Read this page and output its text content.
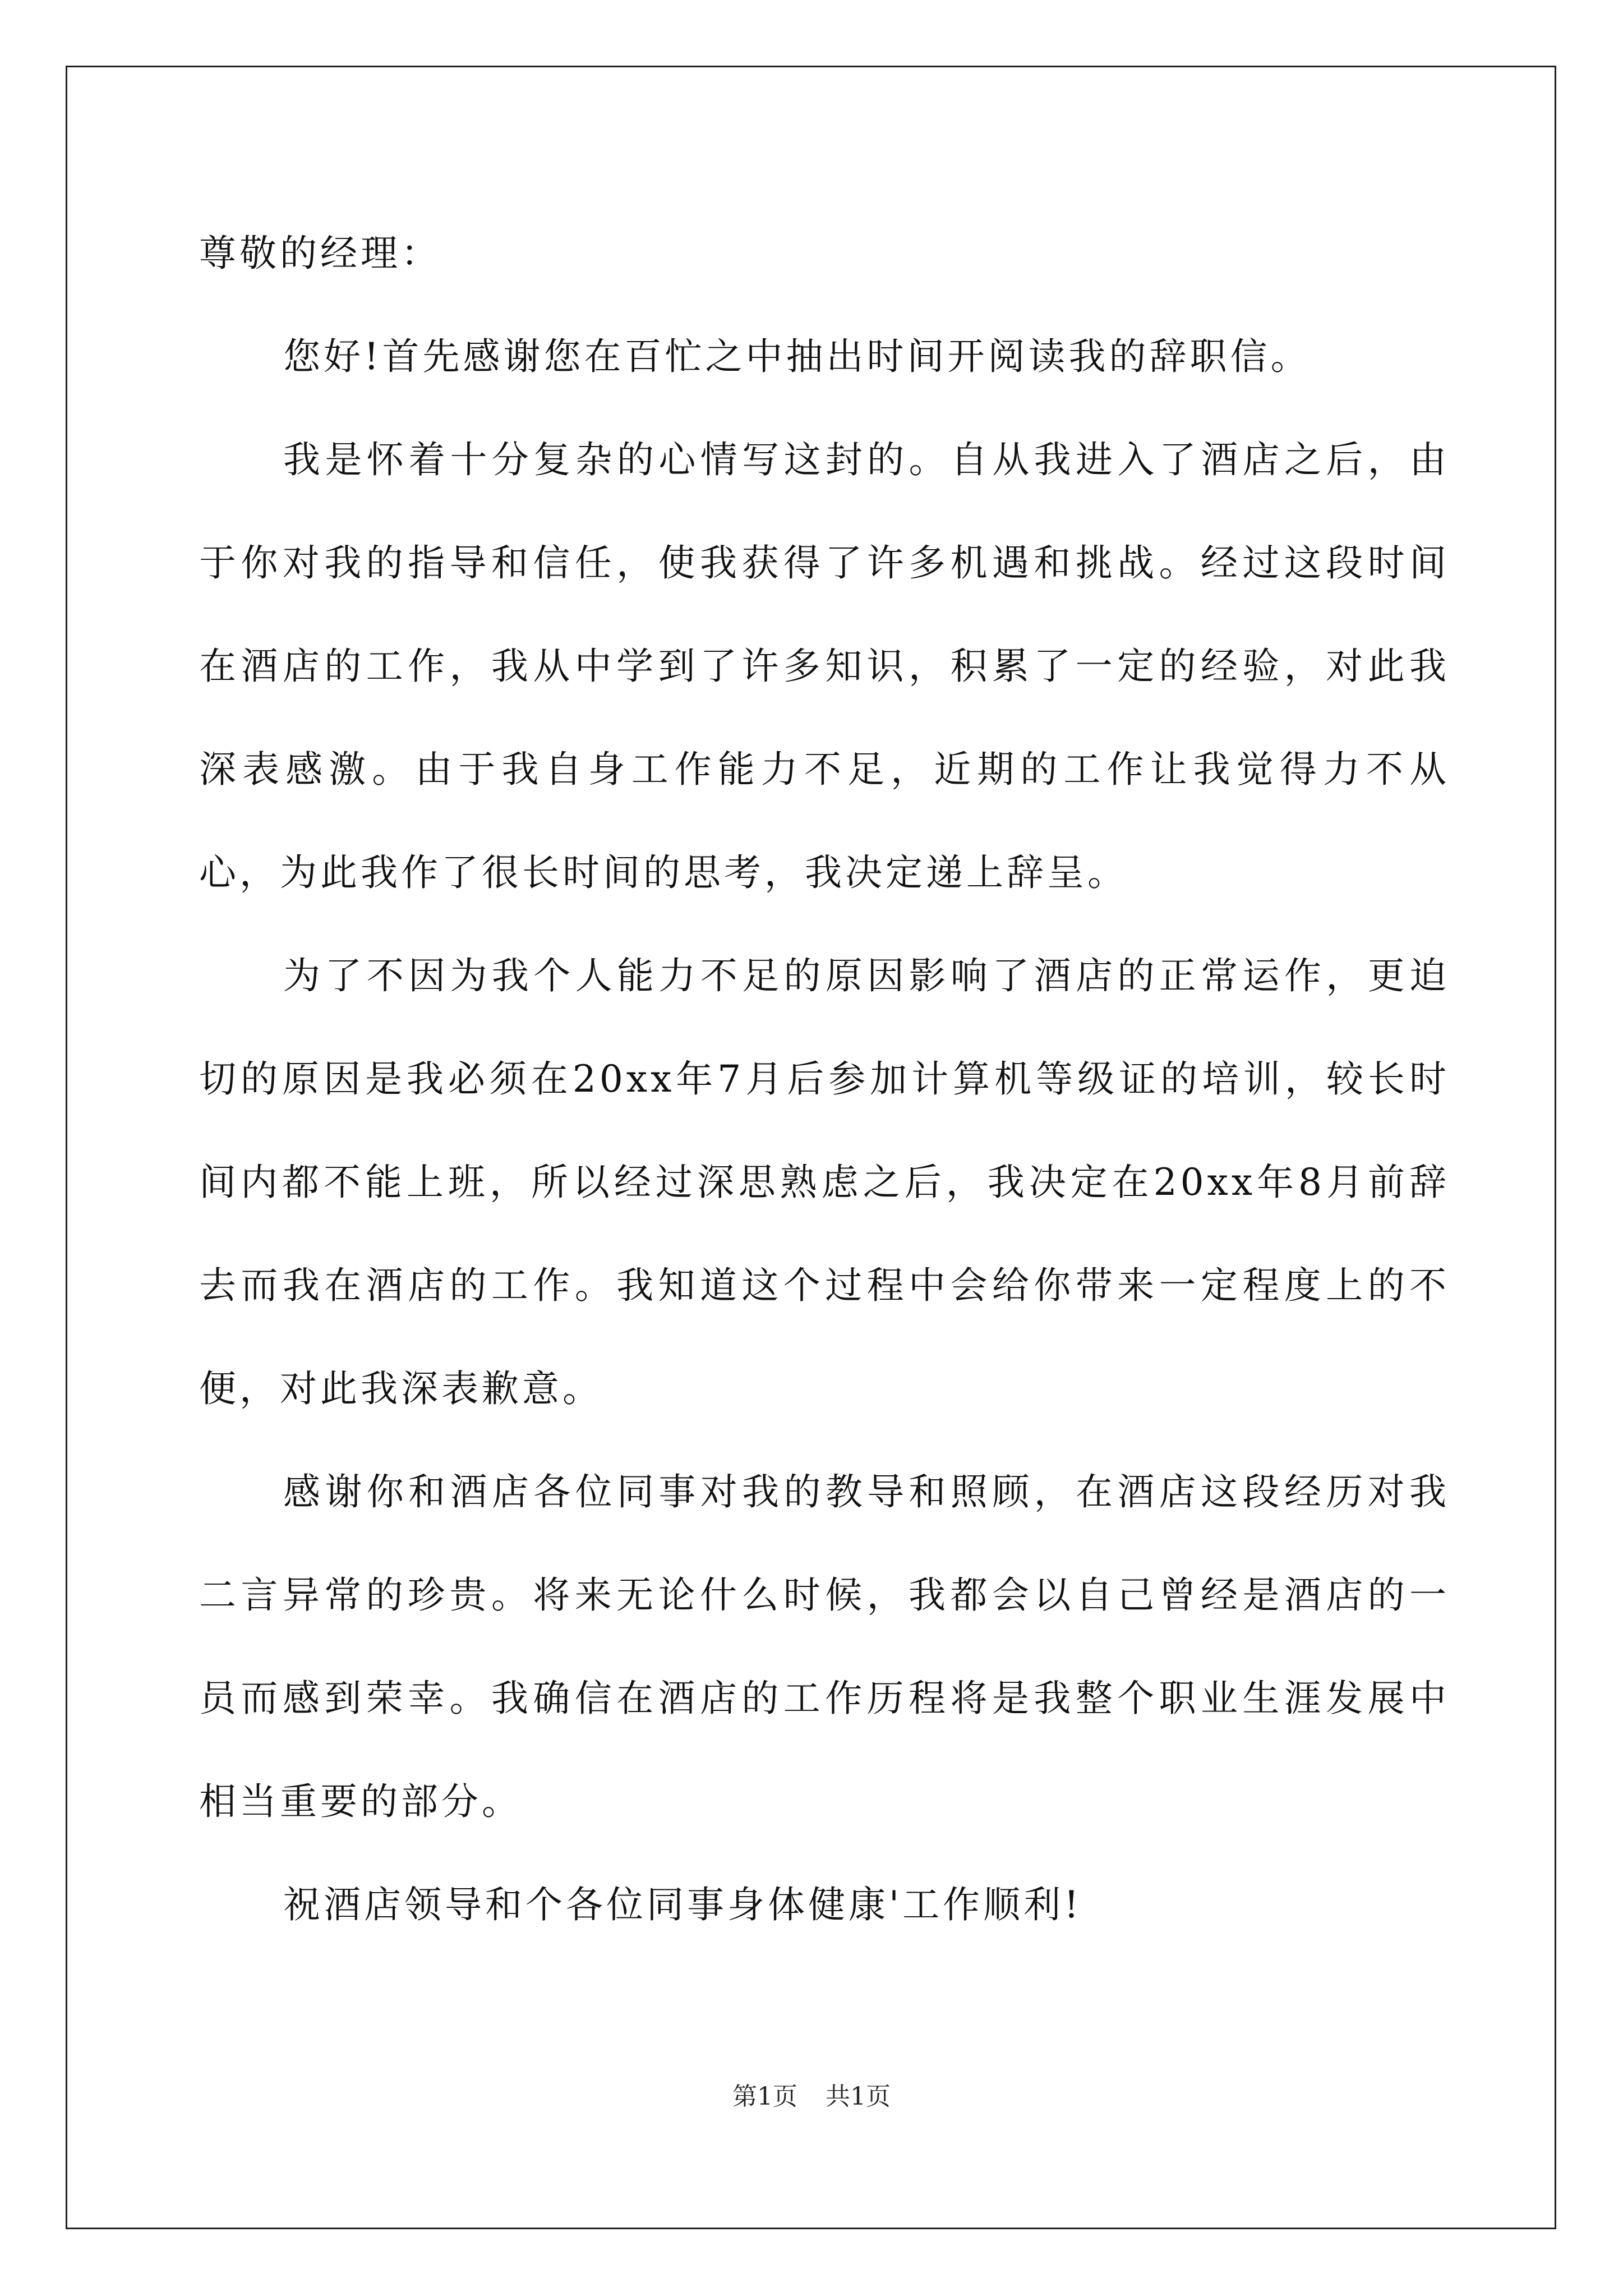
尊敬的经理：

您好!首先感谢您在百忙之中抽出时间开阅读我的辞职信。

我是怀着十分复杂的心情写这封的。自从我进入了酒店之后，由于你对我的指导和信任，使我获得了许多机遇和挑战。经过这段时间在酒店的工作，我从中学到了许多知识，积累了一定的经验，对此我深表感激。由于我自身工作能力不足，近期的工作让我觉得力不从心，为此我作了很长时间的思考，我决定递上辞呈。

为了不因为我个人能力不足的原因影响了酒店的正常运作，更迫切的原因是我必须在20xx年7月后参加计算机等级证的培训，较长时间内都不能上班，所以经过深思熟虑之后，我决定在20xx年8月前辞去而我在酒店的工作。我知道这个过程中会给你带来一定程度上的不便，对此我深表歉意。

感谢你和酒店各位同事对我的教导和照顾，在酒店这段经历对我二言异常的珍贵。将来无论什么时候，我都会以自己曾经是酒店的一员而感到荣幸。我确信在酒店的工作历程将是我整个职业生涯发展中相当重要的部分。

祝酒店领导和个各位同事身体健康'工作顺利!

第1页 共1页
